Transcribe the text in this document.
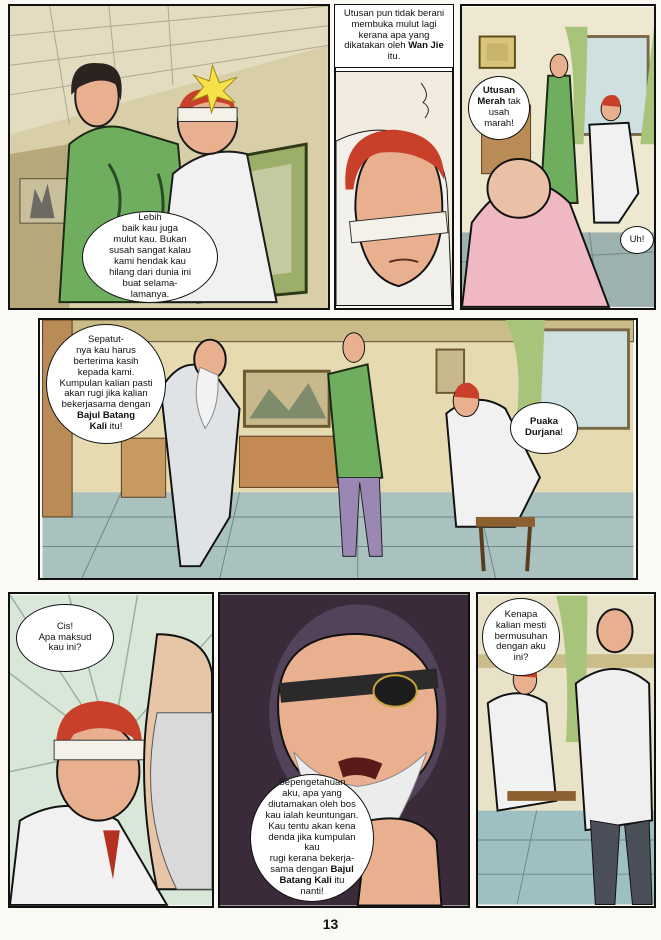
Lebih
baik kau juga
mulut kau. Bukan
susah sangat kalau
kami hendak kau
hilang dari dunia ini
buat selama-
lamanya.
Utusan pun tidak berani membuka mulut lagi kerana apa yang dikatakan oleh Wan Jie itu.
Utusan
Merah tak
usah
marah!
Uh!
Sepatut-
nya kau harus
berterima kasih
kepada kami.
Kumpulan kalian pasti
akan rugi jika kalian
bekerjasama dengan
Bajul Batang
Kali itu!	Puaka
Durjana!
Cis!
Apa maksud
kau ini?
Sepengetahuan
aku, apa yang
diutamakan oleh bos
kau ialah keuntungan.
Kau tentu akan kena
denda jika kumpulan kau
rugi kerana bekerja-
sama dengan Bajul
Batang Kali itu
nanti!
Kenapa
kalian mesti
bermusuhan
dengan aku
ini?
13
